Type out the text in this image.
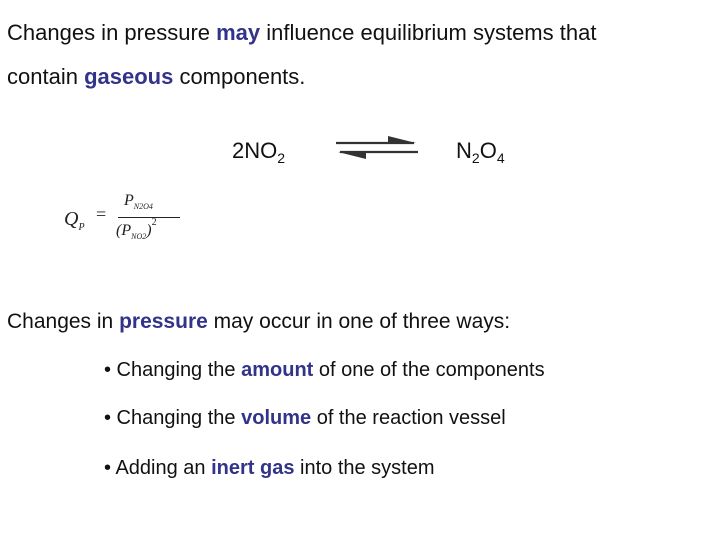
Changes in pressure may influence equilibrium systems that
contain gaseous components.
$2NO_2$	$N_2O_4$
$Q_P$
=
$P_{N2O4}$
$(P_{NO2})^2$
Changes in pressure may occur in one of three ways:
• Changing the amount of one of the components
• Changing the volume of the reaction vessel
• Adding an inert gas into the system
